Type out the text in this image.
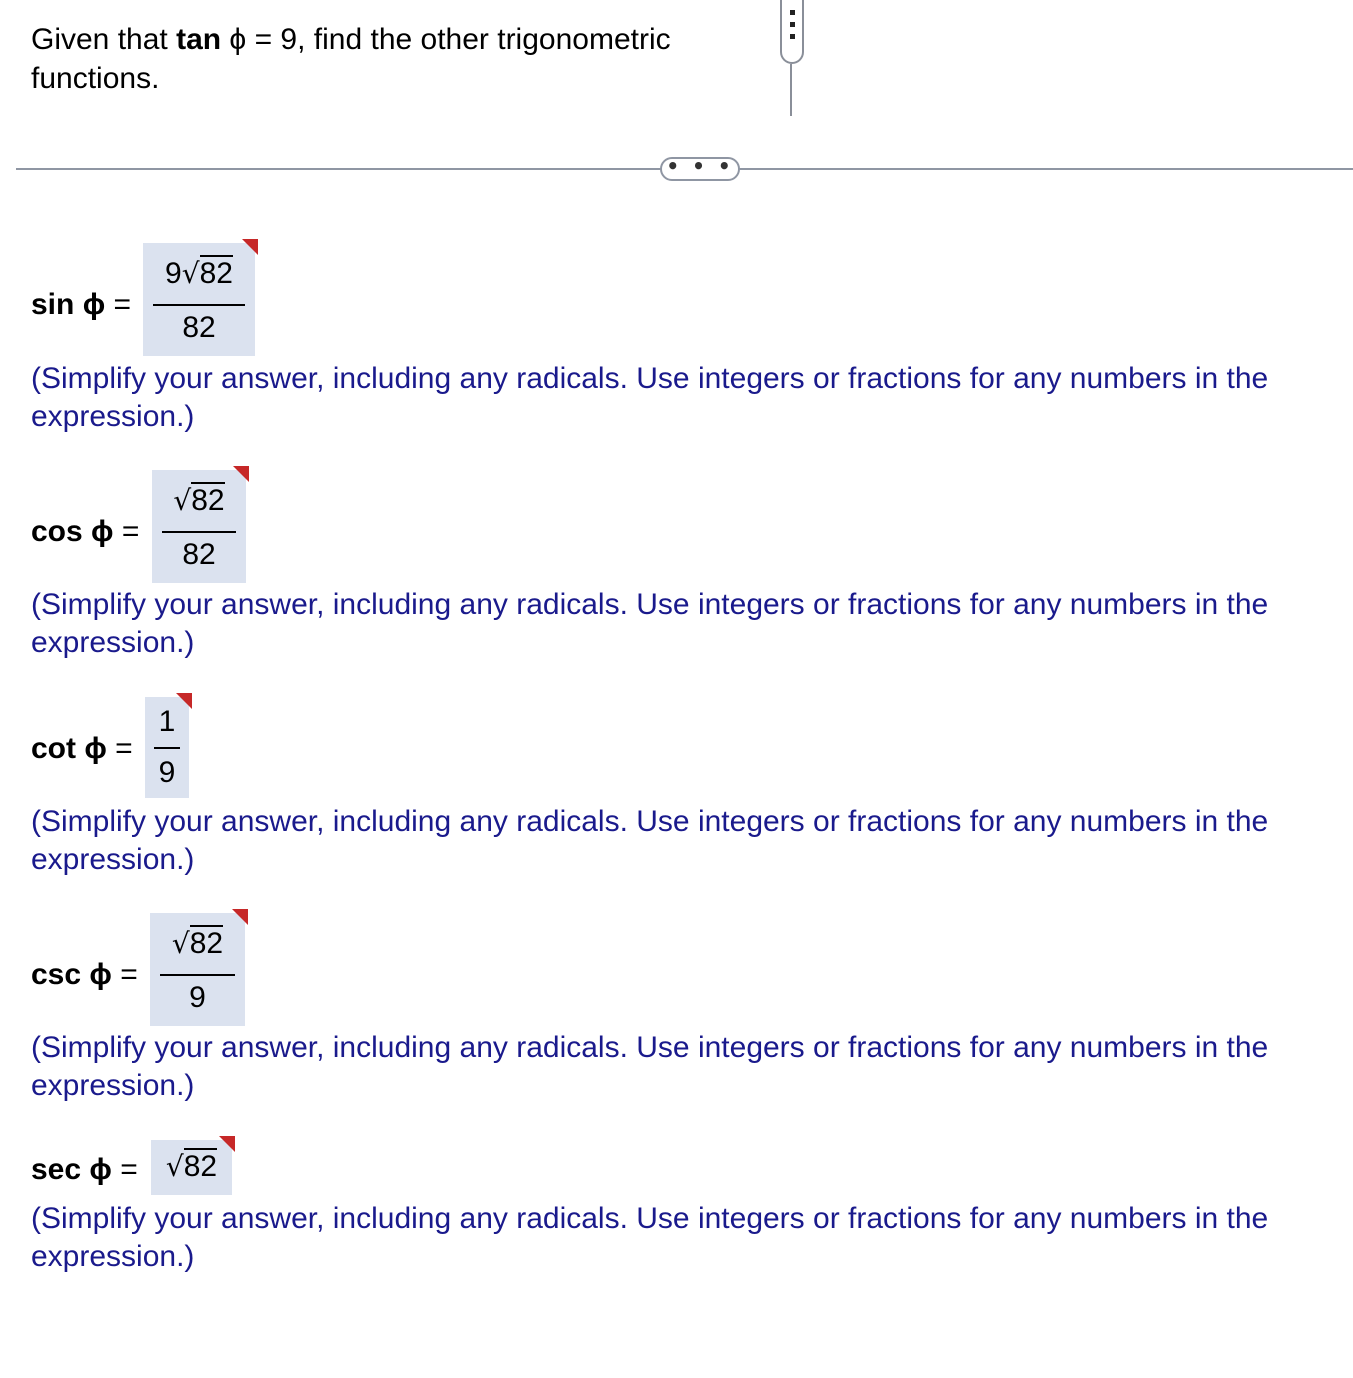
Given that tan ϕ = 9, find the other trigonometric functions.
• • •
sin ϕ =
9√82
82
(Simplify your answer, including any radicals. Use integers or fractions for any numbers in the expression.)
cos ϕ =
√82
82
(Simplify your answer, including any radicals. Use integers or fractions for any numbers in the expression.)
cot ϕ =
1
9
(Simplify your answer, including any radicals. Use integers or fractions for any numbers in the expression.)
csc ϕ =
√82
9
(Simplify your answer, including any radicals. Use integers or fractions for any numbers in the expression.)
sec ϕ =	√82
(Simplify your answer, including any radicals. Use integers or fractions for any numbers in the expression.)
